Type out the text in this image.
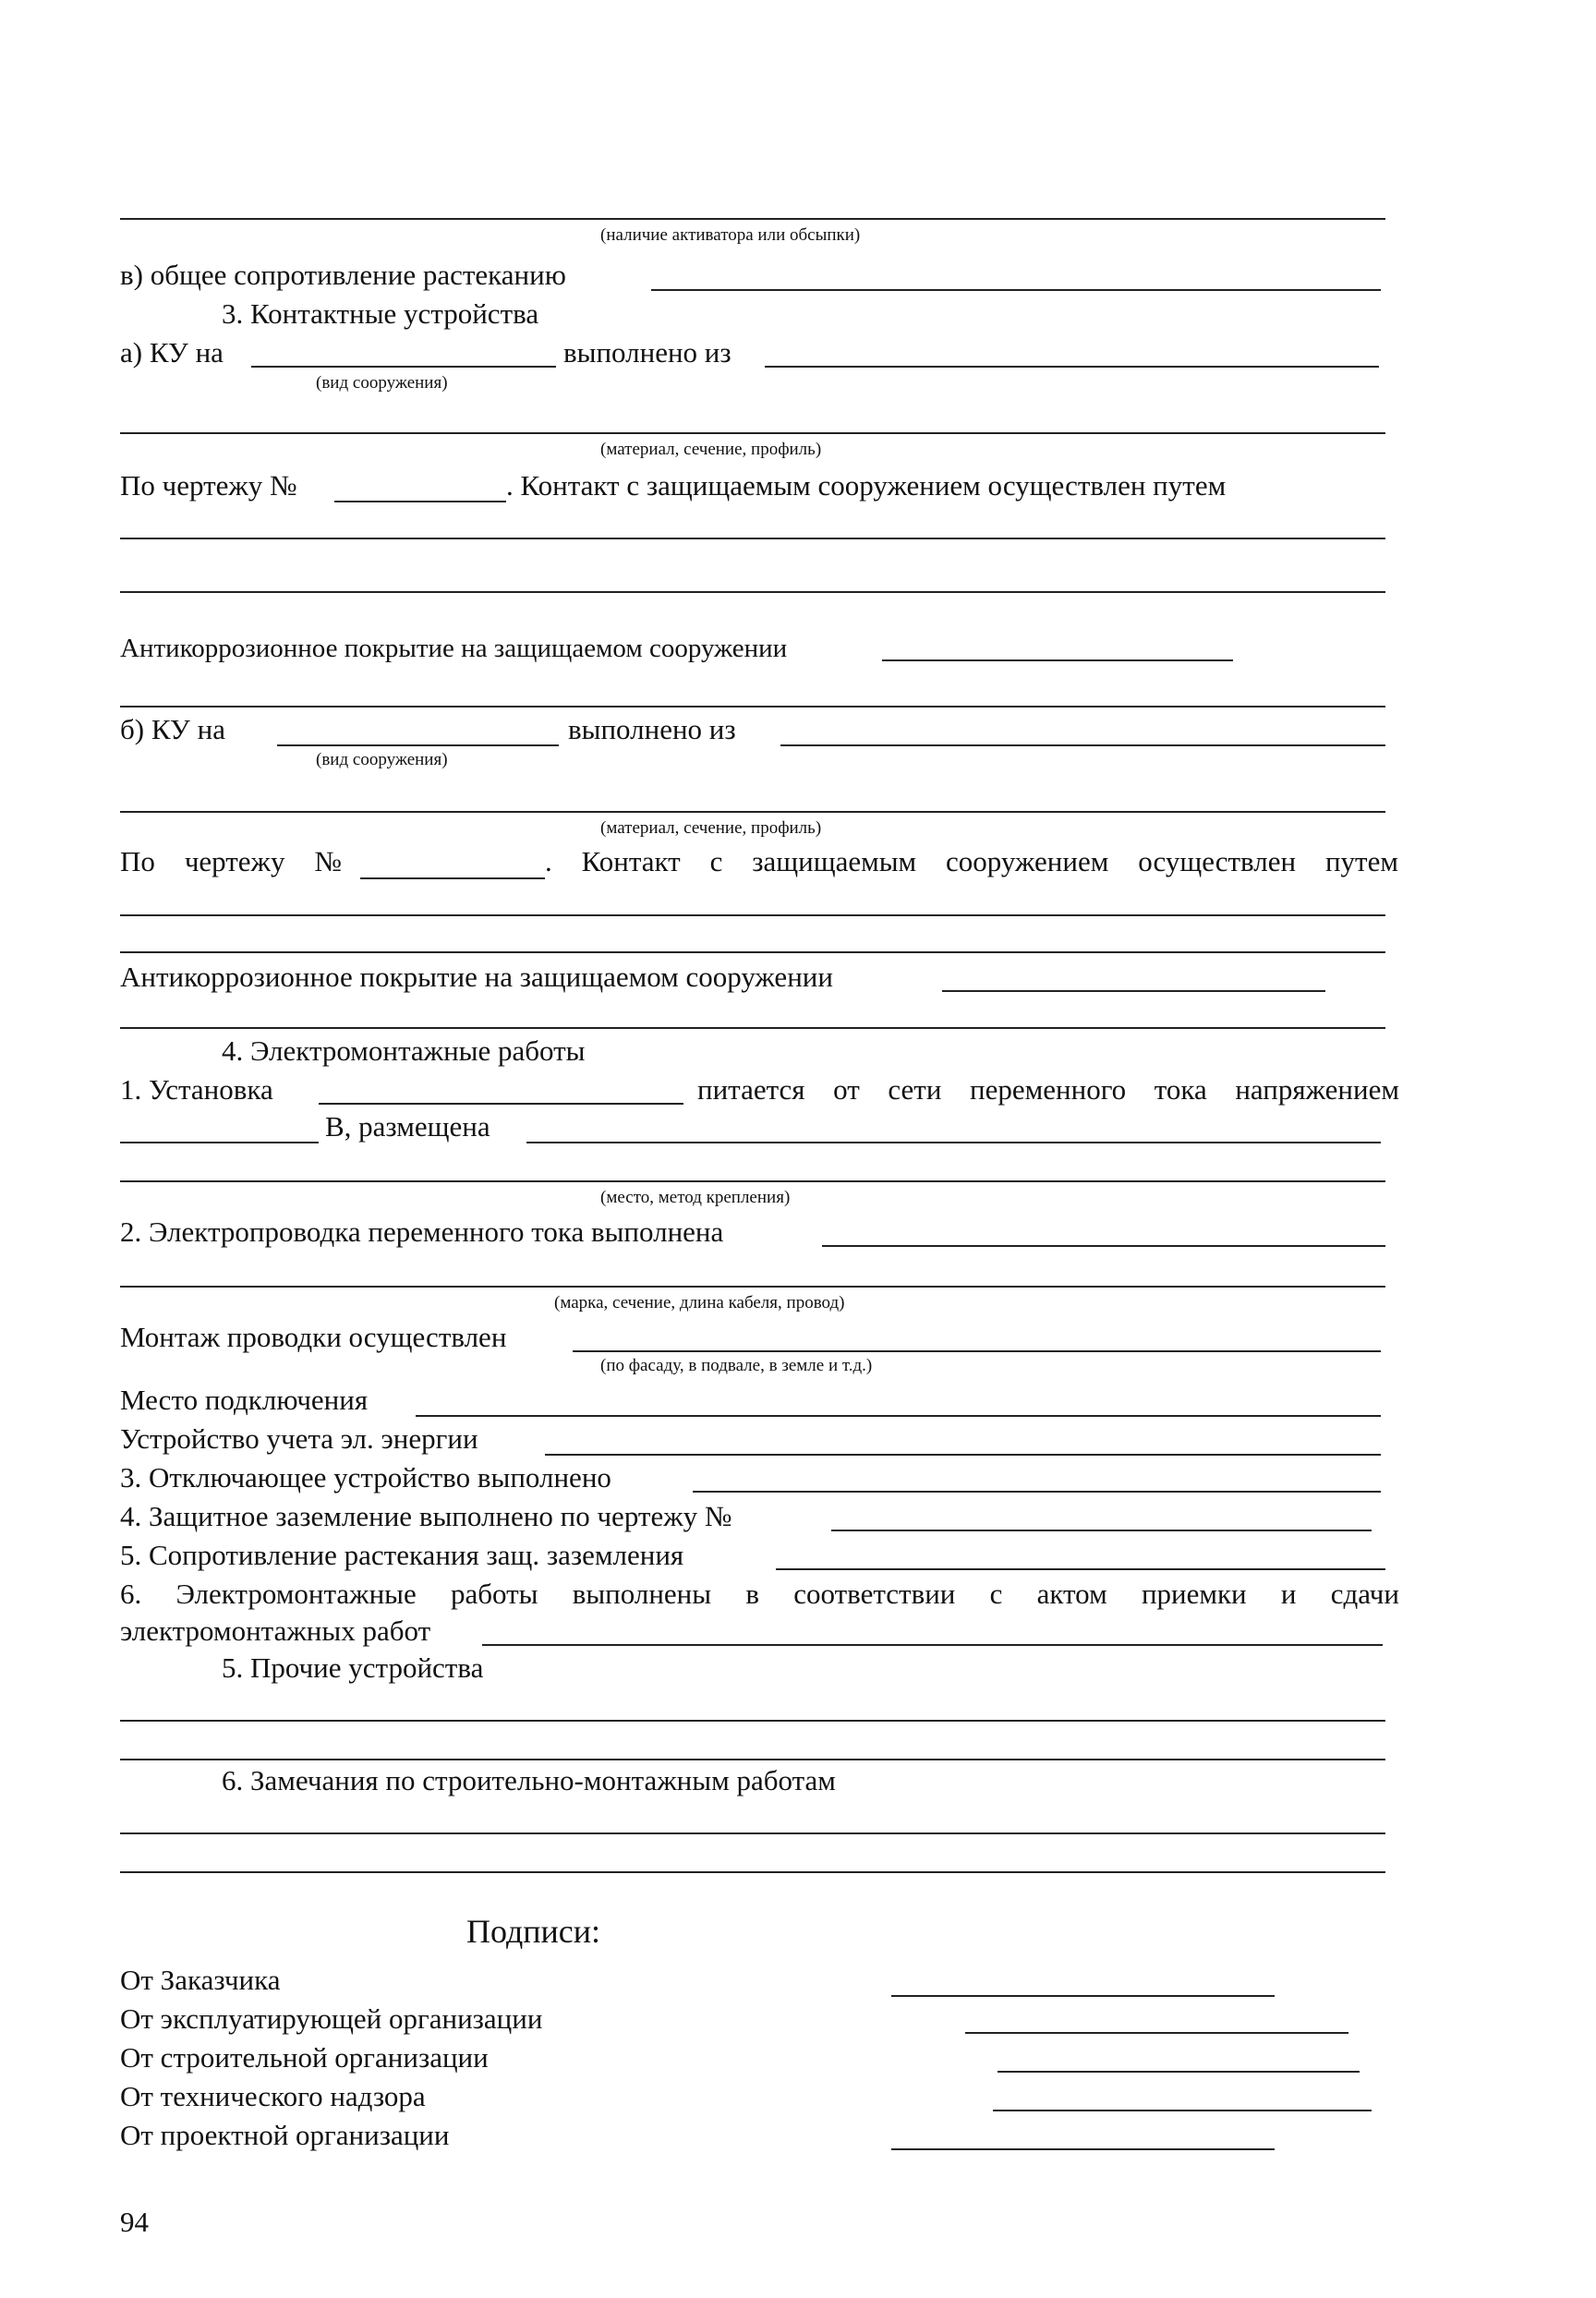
(наличие активатора или обсыпки)
в) общее сопротивление растеканию
3. Контактные устройства
а) КУ на	выполнено из
(вид сооружения)
(материал, сечение, профиль)
По чертежу №	. Контакт с защищаемым сооружением осуществлен путем
Антикоррозионное покрытие на защищаемом сооружении
б) КУ на	выполнено из
(вид сооружения)
(материал, сечение, профиль)
По чертежу №	. Контакт с защищаемым сооружением осуществлен путем
Антикоррозионное покрытие на защищаемом сооружении
4. Электромонтажные работы
1. Установка	питается от сети переменного тока напряжением
В, размещена
(место, метод крепления)
2. Электропроводка переменного тока выполнена
(марка, сечение, длина кабеля, провод)
Монтаж проводки осуществлен
(по фасаду, в подвале, в земле и т.д.)
Место подключения
Устройство учета эл. энергии
3. Отключающее устройство выполнено
4. Защитное заземление выполнено по чертежу №
5. Сопротивление растекания защ. заземления
6. Электромонтажные работы выполнены в соответствии с актом приемки и сдачи
электромонтажных работ
5. Прочие устройства
6. Замечания по строительно-монтажным работам
Подписи:
От Заказчика
От эксплуатирующей организации
От строительной организации
От технического надзора
От проектной организации
94
